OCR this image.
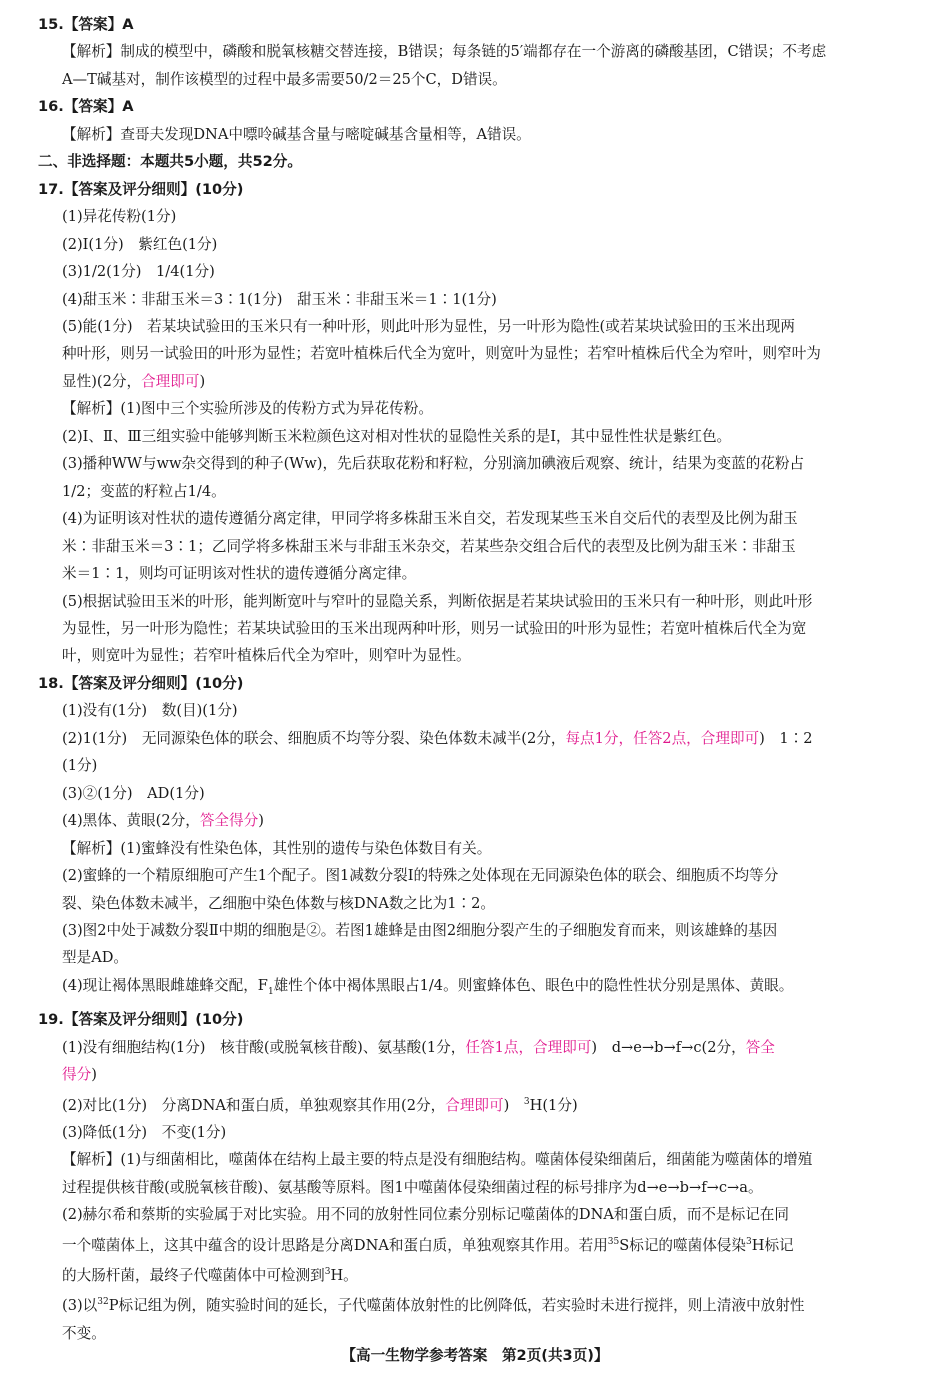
15.【答案】A
【解析】制成的模型中，磷酸和脱氧核糖交替连接，B错误；每条链的5′端都存在一个游离的磷酸基团，C错误；不考虑
A—T碱基对，制作该模型的过程中最多需要50/2＝25个C，D错误。
16.【答案】A
【解析】查哥夫发现DNA中嘌呤碱基含量与嘧啶碱基含量相等，A错误。
二、非选择题：本题共5小题，共52分。
17.【答案及评分细则】(10分)
(1)异花传粉(1分)
(2)Ⅰ(1分)　紫红色(1分)
(3)1/2(1分)　1/4(1分)
(4)甜玉米∶非甜玉米＝3∶1(1分)　甜玉米∶非甜玉米＝1∶1(1分)
(5)能(1分)　若某块试验田的玉米只有一种叶形，则此叶形为显性，另一叶形为隐性(或若某块试验田的玉米出现两
种叶形，则另一试验田的叶形为显性；若宽叶植株后代全为宽叶，则宽叶为显性；若窄叶植株后代全为窄叶，则窄叶为
显性)(2分，合理即可)
【解析】(1)图中三个实验所涉及的传粉方式为异花传粉。
(2)Ⅰ、Ⅱ、Ⅲ三组实验中能够判断玉米粒颜色这对相对性状的显隐性关系的是Ⅰ，其中显性性状是紫红色。
(3)播种WW与ww杂交得到的种子(Ww)，先后获取花粉和籽粒，分别滴加碘液后观察、统计，结果为变蓝的花粉占
1/2；变蓝的籽粒占1/4。
(4)为证明该对性状的遗传遵循分离定律，甲同学将多株甜玉米自交，若发现某些玉米自交后代的表型及比例为甜玉
米∶非甜玉米＝3∶1；乙同学将多株甜玉米与非甜玉米杂交，若某些杂交组合后代的表型及比例为甜玉米∶非甜玉
米＝1∶1，则均可证明该对性状的遗传遵循分离定律。
(5)根据试验田玉米的叶形，能判断宽叶与窄叶的显隐关系，判断依据是若某块试验田的玉米只有一种叶形，则此叶形
为显性，另一叶形为隐性；若某块试验田的玉米出现两种叶形，则另一试验田的叶形为显性；若宽叶植株后代全为宽
叶，则宽叶为显性；若窄叶植株后代全为窄叶，则窄叶为显性。
18.【答案及评分细则】(10分)
(1)没有(1分)　数(目)(1分)
(2)1(1分)　无同源染色体的联会、细胞质不均等分裂、染色体数未减半(2分，每点1分，任答2点，合理即可)　1∶2
(1分)
(3)②(1分)　AD(1分)
(4)黑体、黄眼(2分，答全得分)
【解析】(1)蜜蜂没有性染色体，其性别的遗传与染色体数目有关。
(2)蜜蜂的一个精原细胞可产生1个配子。图1减数分裂Ⅰ的特殊之处体现在无同源染色体的联会、细胞质不均等分
裂、染色体数未减半，乙细胞中染色体数与核DNA数之比为1∶2。
(3)图2中处于减数分裂Ⅱ中期的细胞是②。若图1雄蜂是由图2细胞分裂产生的子细胞发育而来，则该雄蜂的基因
型是AD。
(4)现让褐体黑眼雌雄蜂交配，$F_1$雄性个体中褐体黑眼占1/4。则蜜蜂体色、眼色中的隐性性状分别是黑体、黄眼。
19.【答案及评分细则】(10分)
(1)没有细胞结构(1分)　核苷酸(或脱氧核苷酸)、氨基酸(1分，任答1点，合理即可)　d→e→b→f→c(2分，答全
得分)
(2)对比(1分)　分离DNA和蛋白质，单独观察其作用(2分，合理即可)　$^3$H(1分)
(3)降低(1分)　不变(1分)
【解析】(1)与细菌相比，噬菌体在结构上最主要的特点是没有细胞结构。噬菌体侵染细菌后，细菌能为噬菌体的增殖
过程提供核苷酸(或脱氧核苷酸)、氨基酸等原料。图1中噬菌体侵染细菌过程的标号排序为d→e→b→f→c→a。
(2)赫尔希和蔡斯的实验属于对比实验。用不同的放射性同位素分别标记噬菌体的DNA和蛋白质，而不是标记在同
一个噬菌体上，这其中蕴含的设计思路是分离DNA和蛋白质，单独观察其作用。若用$^{35}$S标记的噬菌体侵染$^3$H标记
的大肠杆菌，最终子代噬菌体中可检测到$^3$H。
(3)以$^{32}$P标记组为例，随实验时间的延长，子代噬菌体放射性的比例降低，若实验时未进行搅拌，则上清液中放射性
不变。
【高一生物学参考答案　第2页(共3页)】
